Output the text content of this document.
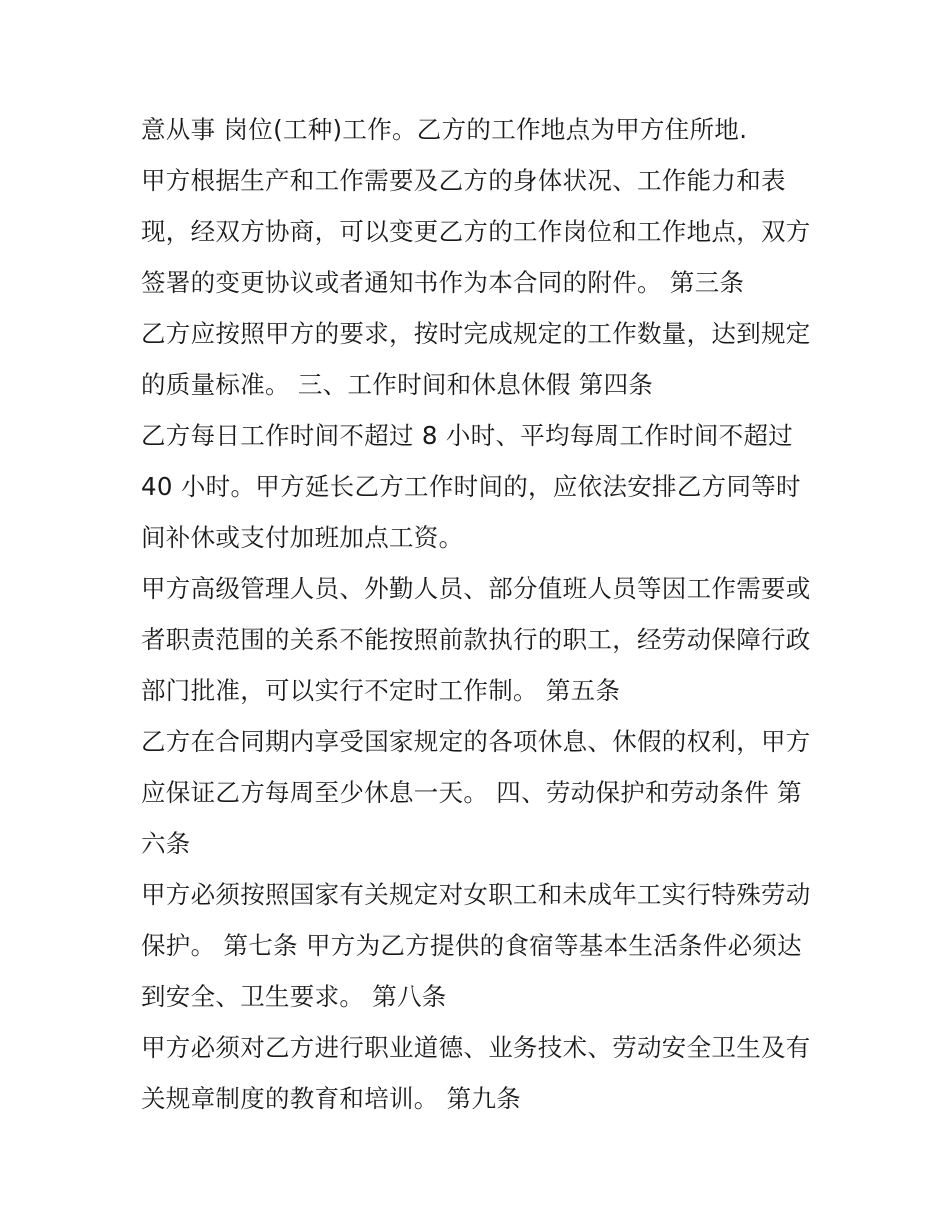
意从事 岗位(工种)工作。乙方的工作地点为甲方住所地.
甲方根据生产和工作需要及乙方的身体状况、工作能力和表
现，经双方协商，可以变更乙方的工作岗位和工作地点，双方
签署的变更协议或者通知书作为本合同的附件。 第三条
乙方应按照甲方的要求，按时完成规定的工作数量，达到规定
的质量标准。 三、工作时间和休息休假 第四条
乙方每日工作时间不超过 8 小时、平均每周工作时间不超过
40 小时。甲方延长乙方工作时间的，应依法安排乙方同等时
间补休或支付加班加点工资。
甲方高级管理人员、外勤人员、部分值班人员等因工作需要或
者职责范围的关系不能按照前款执行的职工，经劳动保障行政
部门批准，可以实行不定时工作制。 第五条
乙方在合同期内享受国家规定的各项休息、休假的权利，甲方
应保证乙方每周至少休息一天。 四、劳动保护和劳动条件 第
六条
甲方必须按照国家有关规定对女职工和未成年工实行特殊劳动
保护。 第七条 甲方为乙方提供的食宿等基本生活条件必须达
到安全、卫生要求。 第八条
甲方必须对乙方进行职业道德、业务技术、劳动安全卫生及有
关规章制度的教育和培训。 第九条
